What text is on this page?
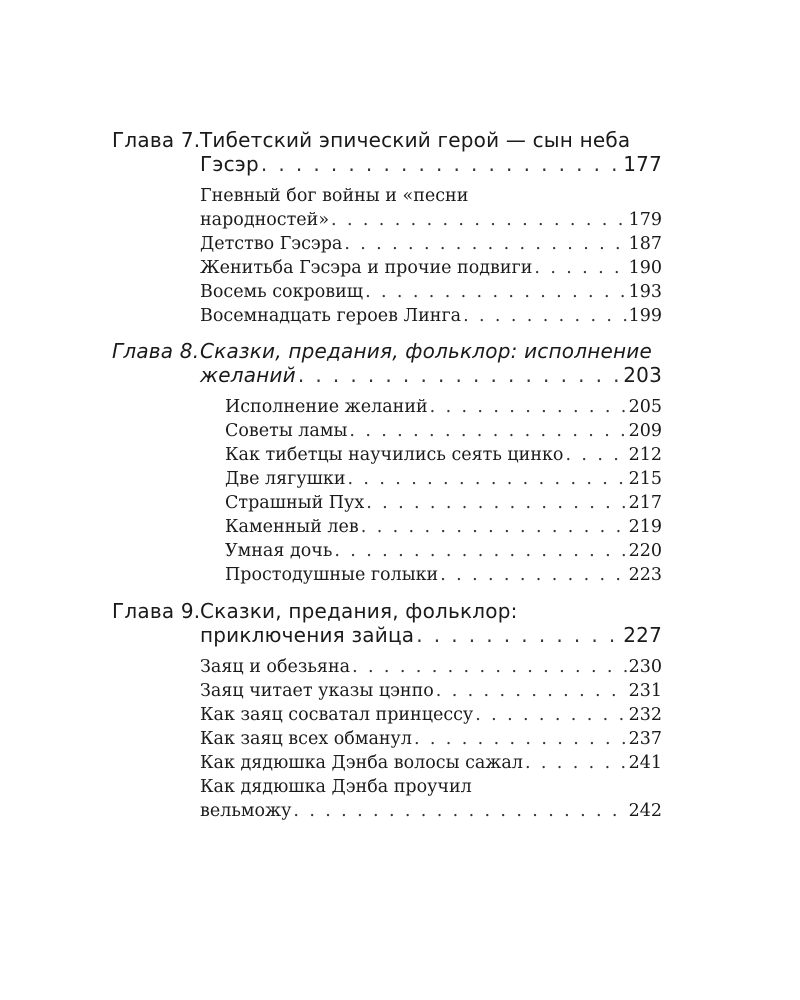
Глава 7.Тибетский эпический герой — сын неба
Гэсэр . . .	177
Гневный бог войны и «песни
народностей» . . .	179
Детство Гэсэра . . .	187
Женитьба Гэсэра и прочие подвиги . . .	190
Восемь сокровищ . . .	193
Восемнадцать героев Линга . . .	199
Глава 8.Сказки, предания, фольклор: исполнение
желаний . . .	203
Исполнение желаний . . .	205
Советы ламы . . .	209
Как тибетцы научились сеять цинко . . .	212
Две лягушки . . .	215
Страшный Пух . . .	217
Каменный лев . . .	219
Умная дочь . . .	220
Простодушные голыки . . .	223
Глава 9.Сказки, предания, фольклор:
приключения зайца . . .	227
Заяц и обезьяна . . .	230
Заяц читает указы цэнпо . . .	231
Как заяц сосватал принцессу . . .	232
Как заяц всех обманул . . .	237
Как дядюшка Дэнба волосы сажал . . .	241
Как дядюшка Дэнба проучил
вельможу . . .	242
